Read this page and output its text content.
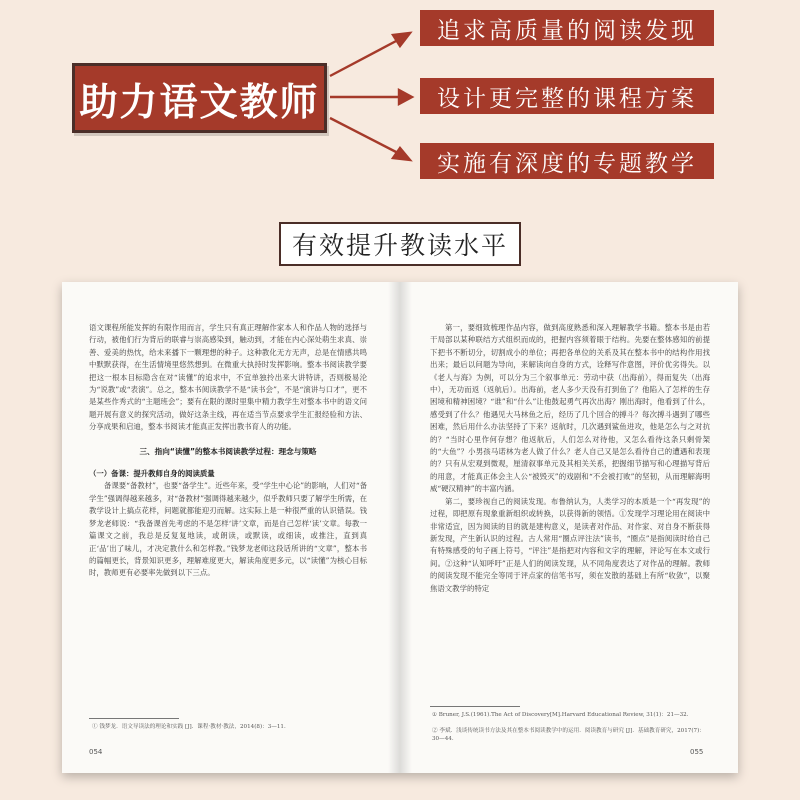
助力语文教师
追求高质量的阅读发现
设计更完整的课程方案
实施有深度的专题教学
有效提升教读水平

语文课程所能发挥的有限作用而言，学生只有真正理解作家本人和作品人物的选择与行动，被他们行为背后的联睿与崇高感染到，触动到，才能在内心深处萌生求真、崇善、爱美的热忱，给未来播下一颗理想的种子。这种教化无方无声，总是在情感共鸣中默默获得，在生活情境里悠然想到。在微重大执持时发挥影响。整本书阅读教学要把这一根本目标隐含在对“读懂”的追求中，不宜单独拎出来大讲特讲，否则极易沦为“说教”或“表演”。总之，整本书阅读教学不是“读书会”，不是“演讲与口才”，更不是某些作秀式的“主题班会”；要有在限的课时里集中精力教学生对整本书中的语文问题开展有意义的探究活动，做好这条主线，再在适当节点要求学生汇报经验和方法、分享成果和启迪，整本书阅读才能真正发挥出教书育人的功能。

三、指向“读懂”的整本书阅读教学过程：理念与策略

（一）备课：提升教师自身的阅读质量

备课要“备教材”，也要“备学生”。近些年来，受“学生中心论”的影响，人们对“备学生”强调得越来越多，对“备教材”强调得越来越少，似乎教师只要了解学生所需，在教学设计上搞点花样，问题就都能迎刃而解。这实际上是一种很严重的认识错误。钱梦龙老师说：“我备课首先考虑的不是怎样‘讲’文章，而是自己怎样‘读’文章。每教一篇课文之前，我总是反复复地读，或朗读，或默读，或细读，或推注，直到真正‘品’出了味儿，才决定教什么和怎样教。”钱梦龙老师这段话所讲的“文章”，整本书的篇幅更长，背景知识更多，理解难度更大，解读角度更多元，以“读懂”为核心目标时，教师更有必要率先做到以下三点。

① 钱梦龙．语文导读法的理论和实践 [J]．课程·教材·教法，2014(8)：3—11.
054

第一，要细致梳理作品内容，做到高度熟悉和深入理解教学书籍。整本书是由若干局部以某种联结方式组织而成的，把握内容须着眼于结构。先要在整体感知的前提下把书不断切分，切割成小的单位；再把各单位的关系及其在整本书中的结构作用找出来；最后以问题为导向，来解读向自身的方式，诠释写作意图，评价优劣得失。以《老人与海》为例，可以分为三个叙事单元：劳动中获（出海前），得而复失（出海中），无功而返（返航后）。出海前，老人多少天没有打到鱼了？他陷入了怎样的生存困境和精神困境？“谁”和“什么”让他鼓起勇气再次出海？刚出海时，他看到了什么，感受到了什么？他遇见大马林鱼之后，经历了几个回合的搏斗？每次搏斗遇到了哪些困难，然后用什么办法坚持了下来？返航时，几次遇到鲨鱼进攻，他是怎么与之对抗的？“当时心里作何存想？他返航后，人们怎么对待他，又怎么看待这条只剩骨架的“大鱼”？小男孩马诺林为老人做了什么？老人自己又是怎么看待自己的遭遇和表现的？只有从宏观到微观，厘清叙事单元及其相关关系，把握细节描写和心理描写背后的用意，才能真正体会主人公“被毁灭”的戏剧和“不会被打败”的坚韧，从而理解海明威“硬汉精神”的丰富内涵。

第二，要珍视自己的阅读发现。布鲁纳认为，人类学习的本质是一个“再发现”的过程，即把原有现象重新组织或转换，以获得新的领悟。①发现学习理论用在阅读中非常适宜，因为阅读的目的就是建构意义，是读者对作品、对作家、对自身不断获得新发现，产生新认识的过程。古人常用“圈点评注法”读书，“圈点”是指阅读时给自己有特殊感受的句子画上符号，“评注”是指把对内容和文字的理解，评论写在本文或行间。②这种“认知呼吁”正是人们的阅读发现，从不同角度表达了对作品的理解。教师的阅读发现不能完全等同于评点家的信笔书写，须在发散的基础上有所“收敛”，以聚焦语文教学的特定

① Bruner, J.S.(1961).The Act of Discovery[M].Harvard Educational Review, 31(1)：21—32.
② 李斌．浅谈传统读书方法及其在整本书阅读教学中的运用．阅读教育与研究 [J]．基础教育研究，2017(7)：30—44.
055
